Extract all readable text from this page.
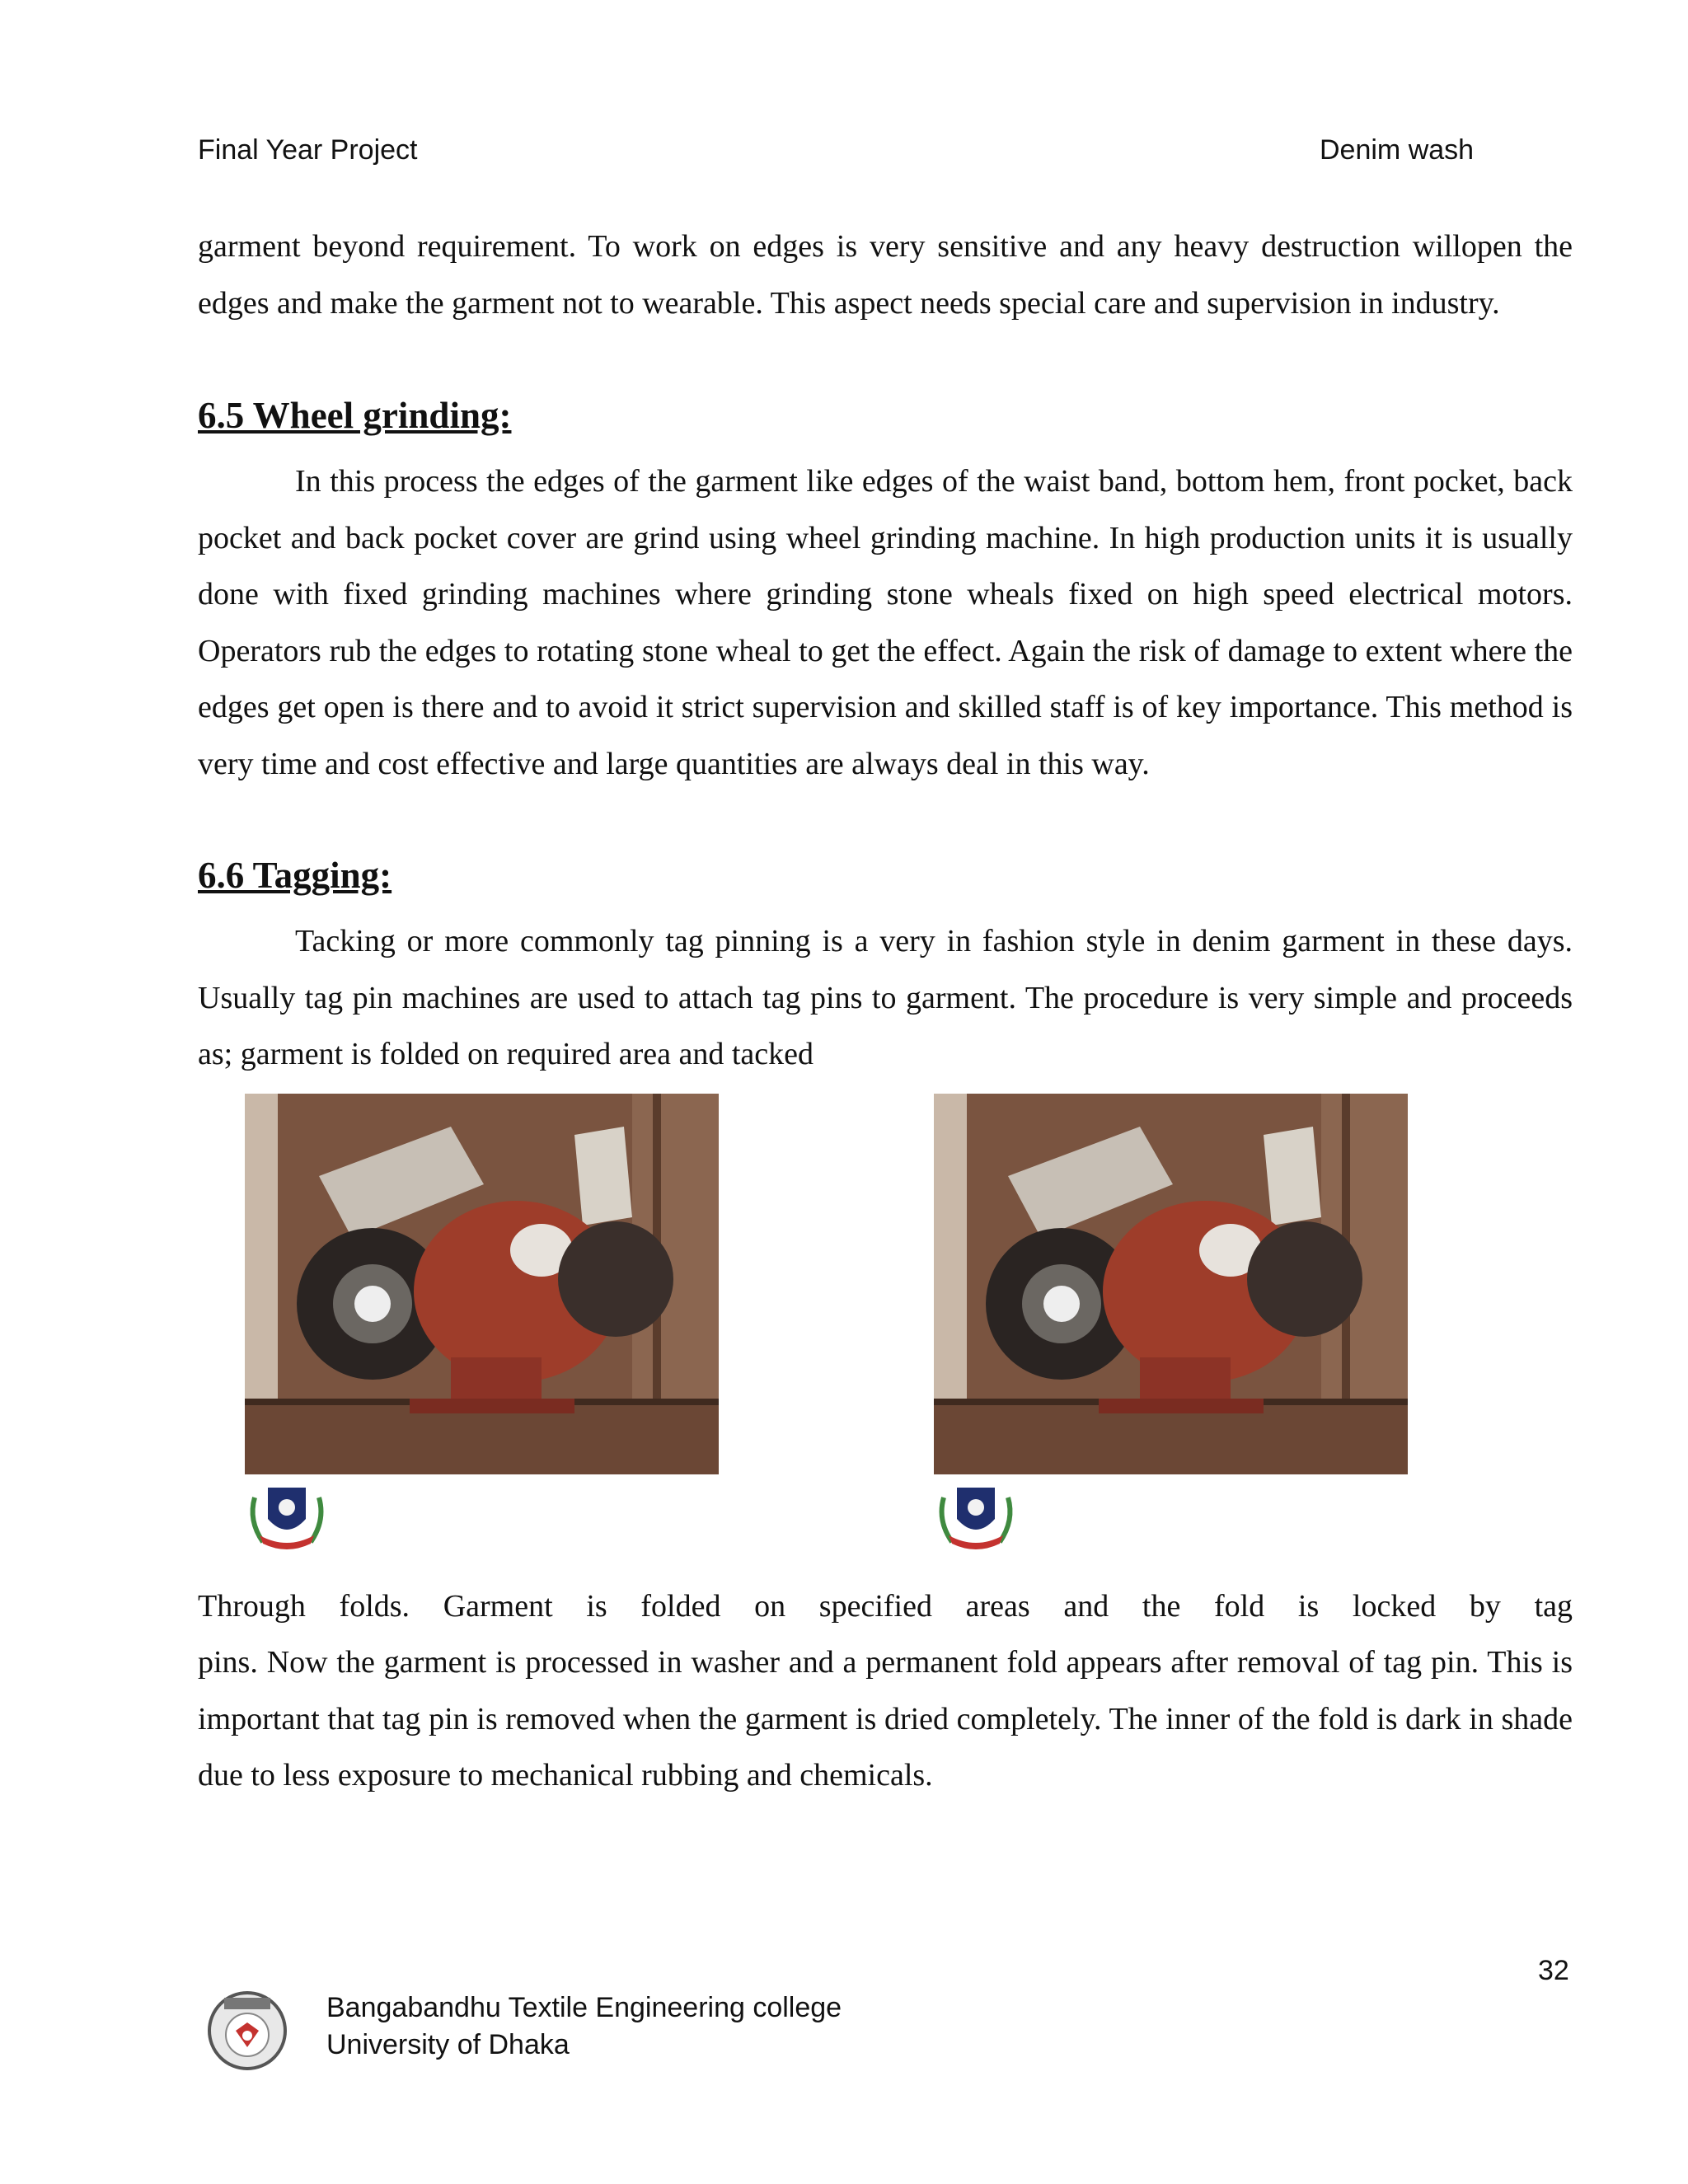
Final Year Project	Denim wash

garment beyond requirement. To work on edges is very sensitive and any heavy destruction willopen the edges and make the garment not to wearable. This aspect needs special care and supervision in industry.

6.5 Wheel grinding:

In this process the edges of the garment like edges of the waist band, bottom hem, front pocket, back pocket and back pocket cover are grind using wheel grinding machine. In high production units it is usually done with fixed grinding machines where grinding stone wheals fixed on high speed electrical motors. Operators rub the edges to rotating stone wheal to get the effect. Again the risk of damage to extent where the edges get open is there and to avoid it strict supervision and skilled staff is of key importance. This method is very time and cost effective and large quantities are always deal in this way.

6.6 Tagging:

Tacking or more commonly tag pinning is a very in fashion style in denim garment in these days. Usually tag pin machines are used to attach tag pins to garment. The procedure is very simple and proceeds as; garment is folded on required area and tacked

Through folds. Garment is folded on specified areas and the fold is locked by tag

pins. Now the garment is processed in washer and a permanent fold appears after removal of tag pin. This is important that tag pin is removed when the garment is dried completely. The inner of the fold is dark in shade due to less exposure to mechanical rubbing and chemicals.

32
Bangabandhu Textile Engineering college
University of Dhaka
